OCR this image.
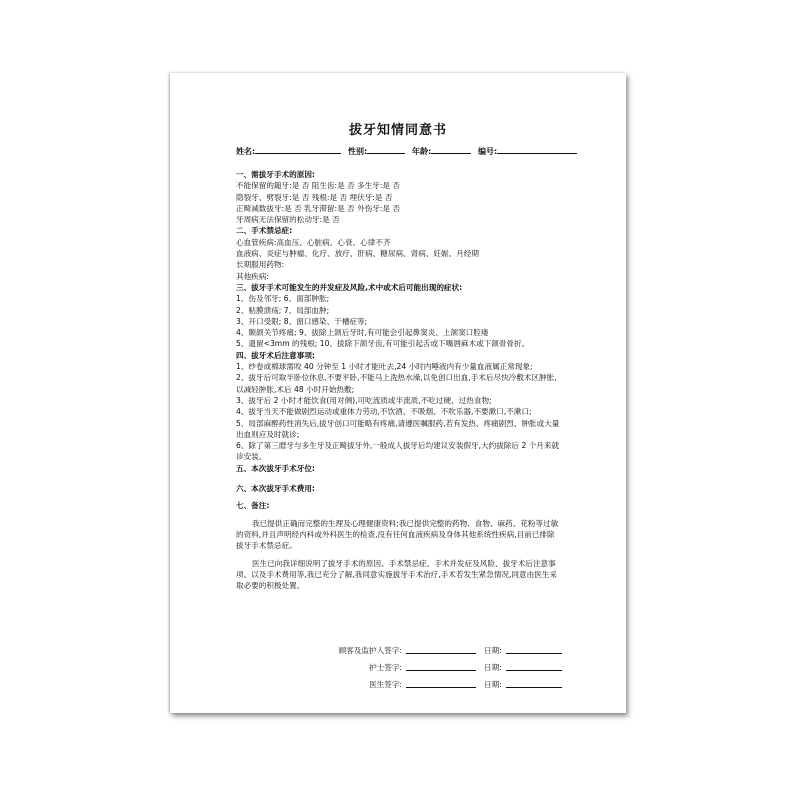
拔牙知情同意书
姓名:	性别:	年龄:	编号:
一、需拔牙手术的原因:
不能保留的鎚牙:是 否 阻生齿:是 否 多生牙:是 否
隐裂牙、劈裂牙:是 否 残根:是 否 埋伏牙:是 否
正畸减数拔牙:是 否 乳牙滞留:是 否 外伤牙:是 否
牙周病无法保留的松动牙:是 否
二、手术禁忌症:
心血管疾病:高血压、心脏病、心衰、心律不齐
血液病、炎症与肿瘤、化疗、放疗、肝病、糖尿病、肾病、妊娠、月经期
长期服用药物:
其他疾病:
三、拔牙手术可能发生的并发症及风险,术中或术后可能出现的症状:
1、伤及邻牙; 6、面部肿胀;
2、粘膜溃疡; 7、局部血肿;
3、开口受限; 8、窗口感染、干槽症等;
4、颞颌关节疼痛; 9、拔除上颌后牙时,有可能会引起鼻窦炎、上颌窦口腔瘘
5、遗留<3mm 的残根; 10、拔除下颌牙齿,有可能引起舌或下嘴唇麻木或下颌骨骨折。
四、拔牙术后注意事项:
1、纱卷或棉球需咬 40 分钟至 1 小时才能吐去,24 小时内唾液内有少量血液属正常现象;
2、拔牙后可取半卧位休息,不要平卧,不能马上洗热水澡,以免创口出血,手术后尽快冷敷术区肿胀,以减轻肿胀,术后 48 小时开始热敷;
3、拔牙后 2 小时才能饮食(用对侧),可吃流质或半流质,不吃过硬、过热食物;
4、拔牙当天不能做剧烈运动或重体力劳动,不饮酒、不吸烟、不吹乐器,不要漱口,不漱口;
5、局部麻醉药性消失后,拔牙创口可能略有疼痛,请遵医嘱服药,若有发热、疼痛剧烈、肿胀或大量出血则应及时就诊;
6、除了第三磨牙与多生牙及正畸拔牙外,一般成人拔牙后均建议安装假牙,大约拔除后 2 个月来就诊安装。
五、本次拔牙手术牙位:
六、本次拔牙手术费用:
七、备注:
我已提供正确而完整的生理及心理健康资料;我已提供完整的药物、食物、麻药、花粉等过敏的资料,并且声明经内科或外科医生的检查,没有任何血液疾病及身体其他系统性疾病,目前已排除拔牙手术禁忌症。
医生已向我详细说明了拔牙手术的原因、手术禁忌症、手术并发症及风险、拔牙术后注意事项、以及手术费用等,我已充分了解,我同意实施拔牙手术治疗,手术若发生紧急情况,同意由医生采取必要的积极处置。
顾客及监护人签字:	日期:
护士签字:	日期:
医生签字:	日期:
